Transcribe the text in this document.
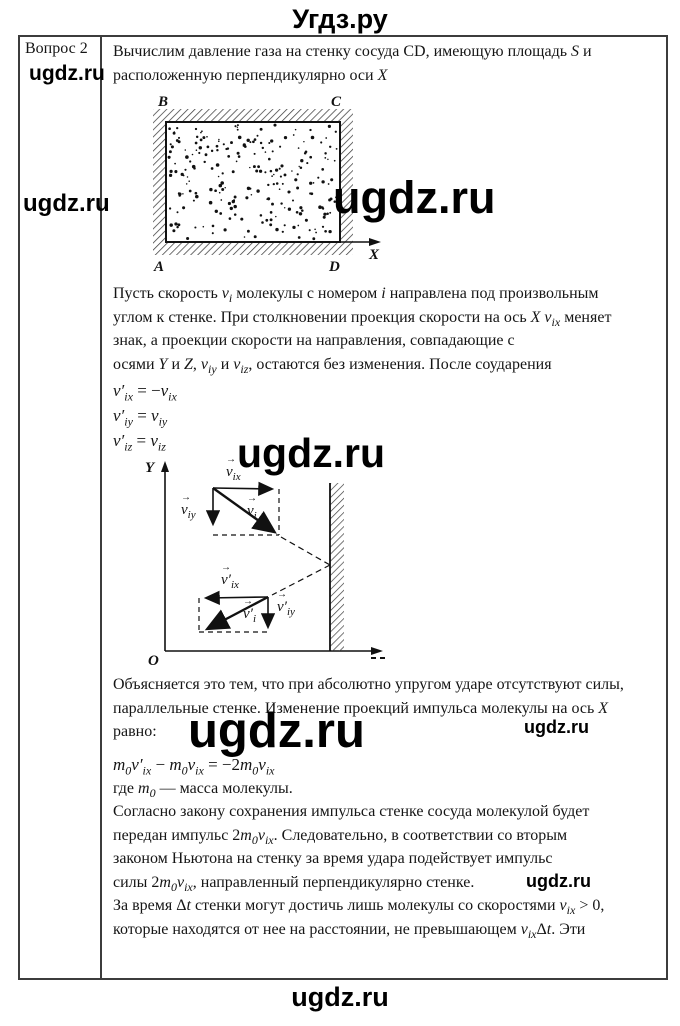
Угдз.ру
Вопрос 2	Вычислим давление газа на стенку сосуда CD, имеющую площадь S и
расположенную перпендикулярно оси X

B	C
A	D
X

Пусть скорость $v_i$ молекулы с номером i направлена под произвольным
углом к стенке. При столкновении проекция скорости на ось X $v_{ix}$ меняет
знак, а проекции скорости на направления, совпадающие с
осями Y и Z, $v_{iy}$ и $v_{iz}$, остаются без изменения. После соударения

$v'_{ix} = -v_{ix}$
$v'_{iy} = v_{iy}$
$v'_{iz} = v_{iz}$
Y
O
→ $v_{ix}$
→ $v_{iy}$	→ $v_i$
→ $v'_{ix}$
→ $v'_{iy}$
→ $v'_i$

Объясняется это тем, что при абсолютно упругом ударе отсутствуют силы,
параллельные стенке. Изменение проекций импульса молекулы на ось X
равно:

$m_0v'_{ix} - m_0v_{ix} = -2m_0v_{ix}$

где $m_0$ — масса молекулы.

Согласно закону сохранения импульса стенке сосуда молекулой будет
передан импульс $2m_0v_{ix}$. Следовательно, в соответствии со вторым
законом Ньютона на стенку за время удара подействует импульс
силы $2m_0v_{ix}$, направленный перпендикулярно стенке.

За время Δt стенки могут достичь лишь молекулы со скоростями $v_{ix} > 0$,
которые находятся от нее на расстоянии, не превышающем $v_{ix}\Delta t$. Эти

ugdz.ru
ugdz.ru	ugdz.ru
ugdz.ru
ugdz.ru	ugdz.ru
ugdz.ru
ugdz.ru
